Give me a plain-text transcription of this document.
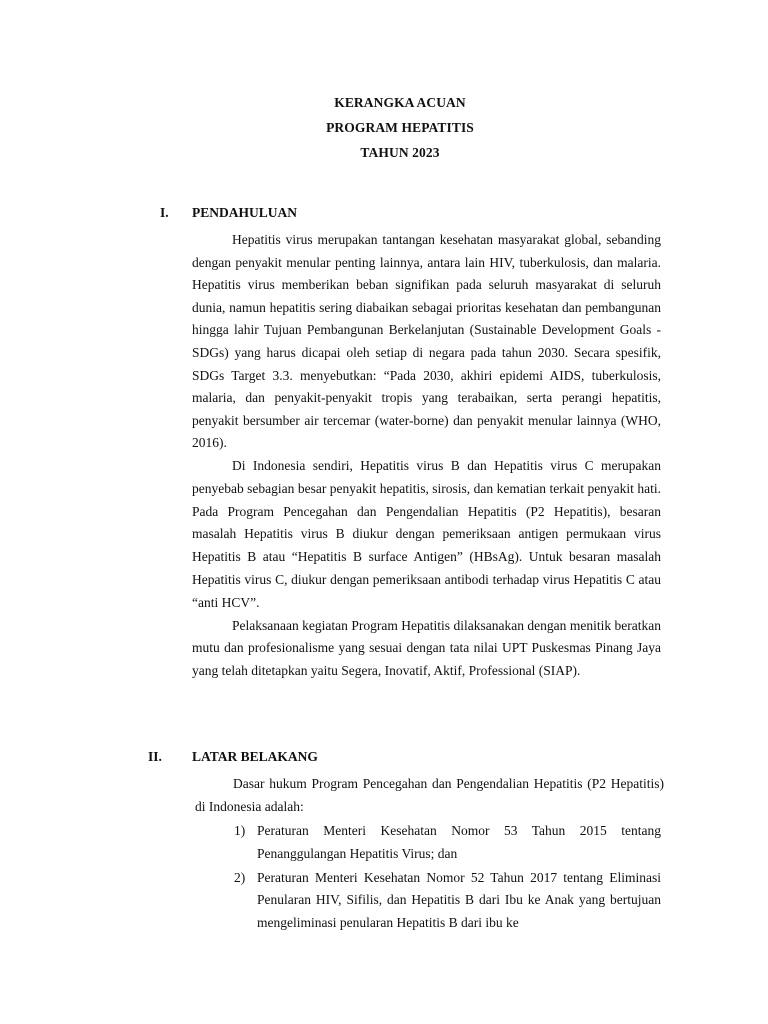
KERANGKA ACUAN
PROGRAM HEPATITIS
TAHUN 2023
I. PENDAHULUAN

Hepatitis virus merupakan tantangan kesehatan masyarakat global, sebanding dengan penyakit menular penting lainnya, antara lain HIV, tuberkulosis, dan malaria. Hepatitis virus memberikan beban signifikan pada seluruh masyarakat di seluruh dunia, namun hepatitis sering diabaikan sebagai prioritas kesehatan dan pembangunan hingga lahir Tujuan Pembangunan Berkelanjutan (Sustainable Development Goals - SDGs) yang harus dicapai oleh setiap di negara pada tahun 2030. Secara spesifik, SDGs Target 3.3. menyebutkan: “Pada 2030, akhiri epidemi AIDS, tuberkulosis, malaria, dan penyakit-penyakit tropis yang terabaikan, serta perangi hepatitis, penyakit bersumber air tercemar (water-borne) dan penyakit menular lainnya (WHO, 2016).

Di Indonesia sendiri, Hepatitis virus B dan Hepatitis virus C merupakan penyebab sebagian besar penyakit hepatitis, sirosis, dan kematian terkait penyakit hati. Pada Program Pencegahan dan Pengendalian Hepatitis (P2 Hepatitis), besaran masalah Hepatitis virus B diukur dengan pemeriksaan antigen permukaan virus Hepatitis B atau “Hepatitis B surface Antigen” (HBsAg). Untuk besaran masalah Hepatitis virus C, diukur dengan pemeriksaan antibodi terhadap virus Hepatitis C atau “anti HCV”.

Pelaksanaan kegiatan Program Hepatitis dilaksanakan dengan menitik beratkan mutu dan profesionalisme yang sesuai dengan tata nilai UPT Puskesmas Pinang Jaya yang telah ditetapkan yaitu Segera, Inovatif, Aktif, Professional (SIAP).

II. LATAR BELAKANG

Dasar hukum Program Pencegahan dan Pengendalian Hepatitis (P2 Hepatitis) di Indonesia adalah:

1) Peraturan Menteri Kesehatan Nomor 53 Tahun 2015 tentang Penanggulangan Hepatitis Virus; dan
2) Peraturan Menteri Kesehatan Nomor 52 Tahun 2017 tentang Eliminasi Penularan HIV, Sifilis, dan Hepatitis B dari Ibu ke Anak yang bertujuan mengeliminasi penularan Hepatitis B dari ibu ke
